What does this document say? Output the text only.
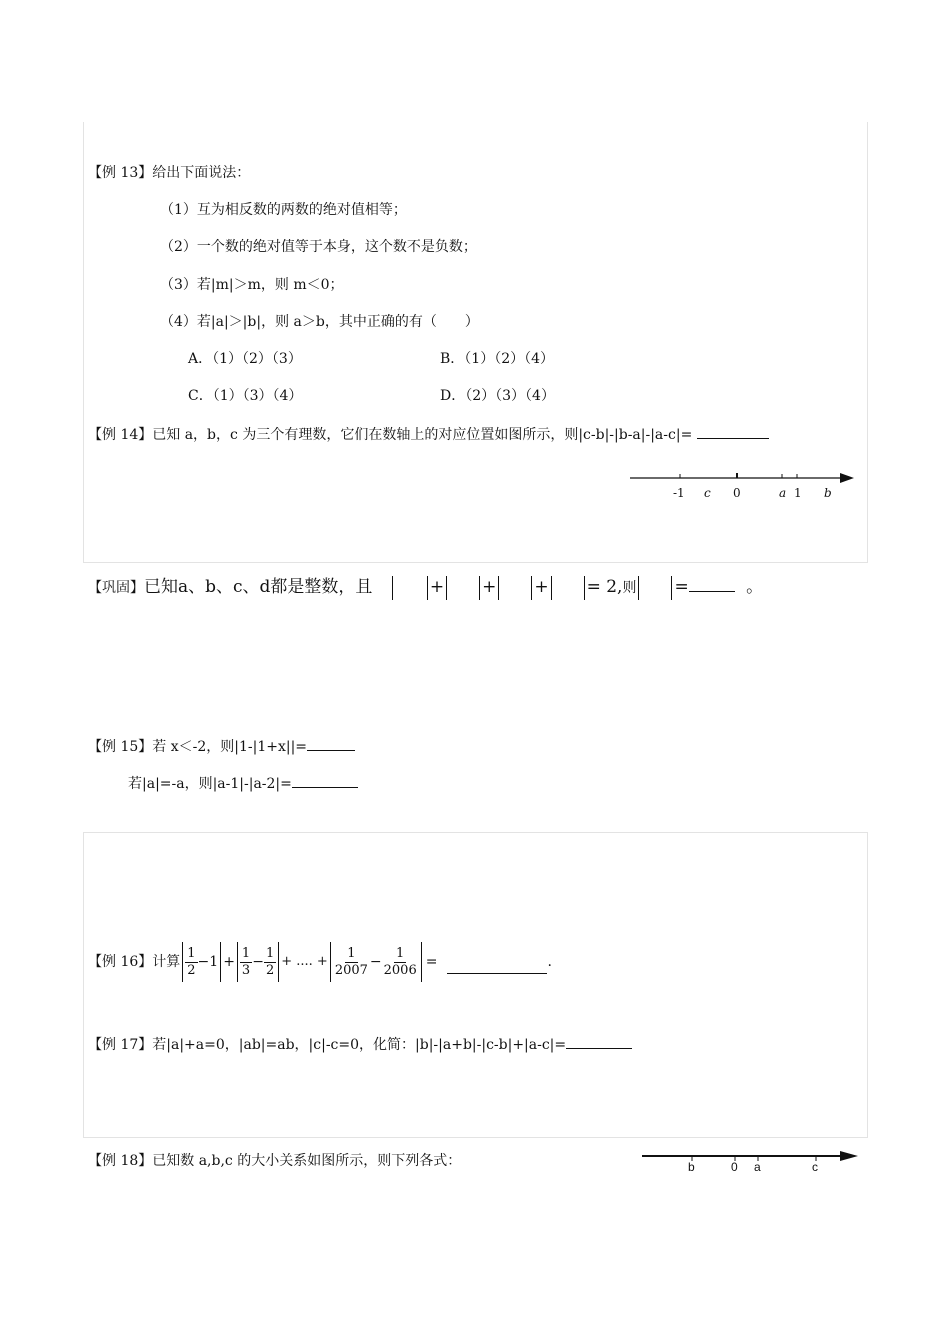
【例 13】给出下面说法：
（1）互为相反数的两数的绝对值相等；
（2）一个数的绝对值等于本身，这个数不是负数；
（3）若|m|＞m，则 m＜0；
（4）若|a|＞|b|，则 a＞b，其中正确的有（　　）
A．（1）（2）（3）	B．（1）（2）（4）
C．（1）（3）（4）	D．（2）（3）（4）
【例 14】已知 a，b，c 为三个有理数，它们在数轴上的对应位置如图所示，则|c-b|-|b-a|-|a-c|=
-1 c 0	a 1 b
【巩固】已知a、b、c、d都是整数，且	+ + + = 2,则 =	。
【例 15】若 x＜-2，则|1-|1+x||=
若|a|=-a，则|a-1|-|a-2|=
【例 16】 计算 $\frac{1}{2} -1 + \frac{1}{3} - \frac{1}{2}$ + .... + $\frac{1}{2007} - \frac{1}{2006}$ =	.
【例 17】若|a|+a=0，|ab|=ab，|c|-c=0，化简：|b|-|a+b|-|c-b|+|a-c|=
【例 18】已知数 a,b,c 的大小关系如图所示，则下列各式：	b	0 a	c
